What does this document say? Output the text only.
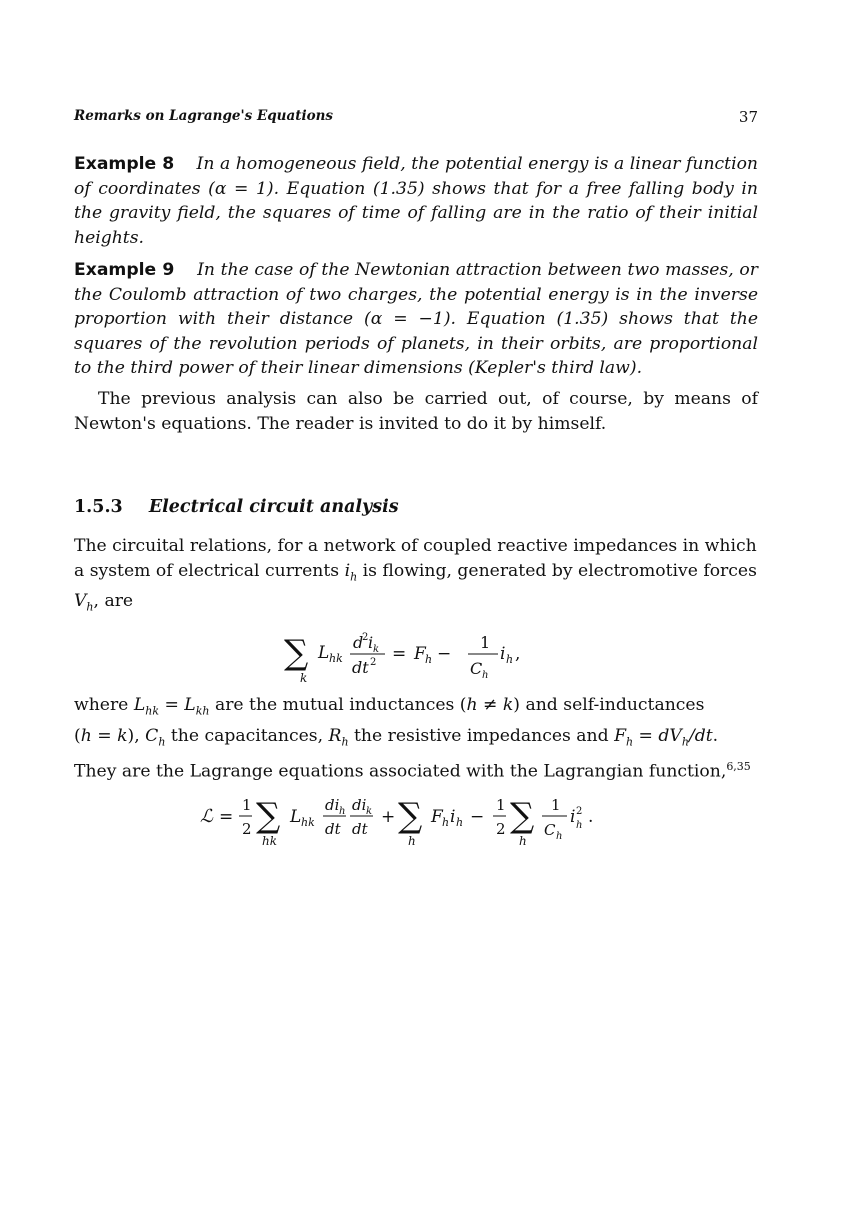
Remarks on Lagrange's Equations	37
Example 8 In a homogeneous field, the potential energy is a linear function of coordinates (α = 1). Equation (1.35) shows that for a free falling body in the gravity field, the squares of time of falling are in the ratio of their initial heights.
Example 9 In the case of the Newtonian attraction between two masses, or the Coulomb attraction of two charges, the potential energy is in the inverse proportion with their distance (α = −1). Equation (1.35) shows that the squares of the revolution periods of planets, in their orbits, are proportional to the third power of their linear dimensions (Kepler's third law).
The previous analysis can also be carried out, of course, by means of Newton's equations. The reader is invited to do it by himself.
1.5.3 Electrical circuit analysis
The circuital relations, for a network of coupled reactive impedances in which
a system of electrical currents $i_h$ is flowing, generated by electromotive forces
$V_h$, are
∑
k
L hk
d
2 i k
dt 2 = F h −
1
C h
i h ,
where $L_{hk} = L_{kh}$ are the mutual inductances (h ≠ k) and self-inductances
(h = k), $C_h$ the capacitances, $R_h$ the resistive impedances and $F_h = dV_h/dt$.
They are the Lagrange equations associated with the Lagrangian function,$^{6,35}$
ℒ =
1
2 ∑
hk
L hk
di h
dt
di k
dt
+ ∑
h
F h i h −
1
2 ∑
h
1
C h
i 2
h .
